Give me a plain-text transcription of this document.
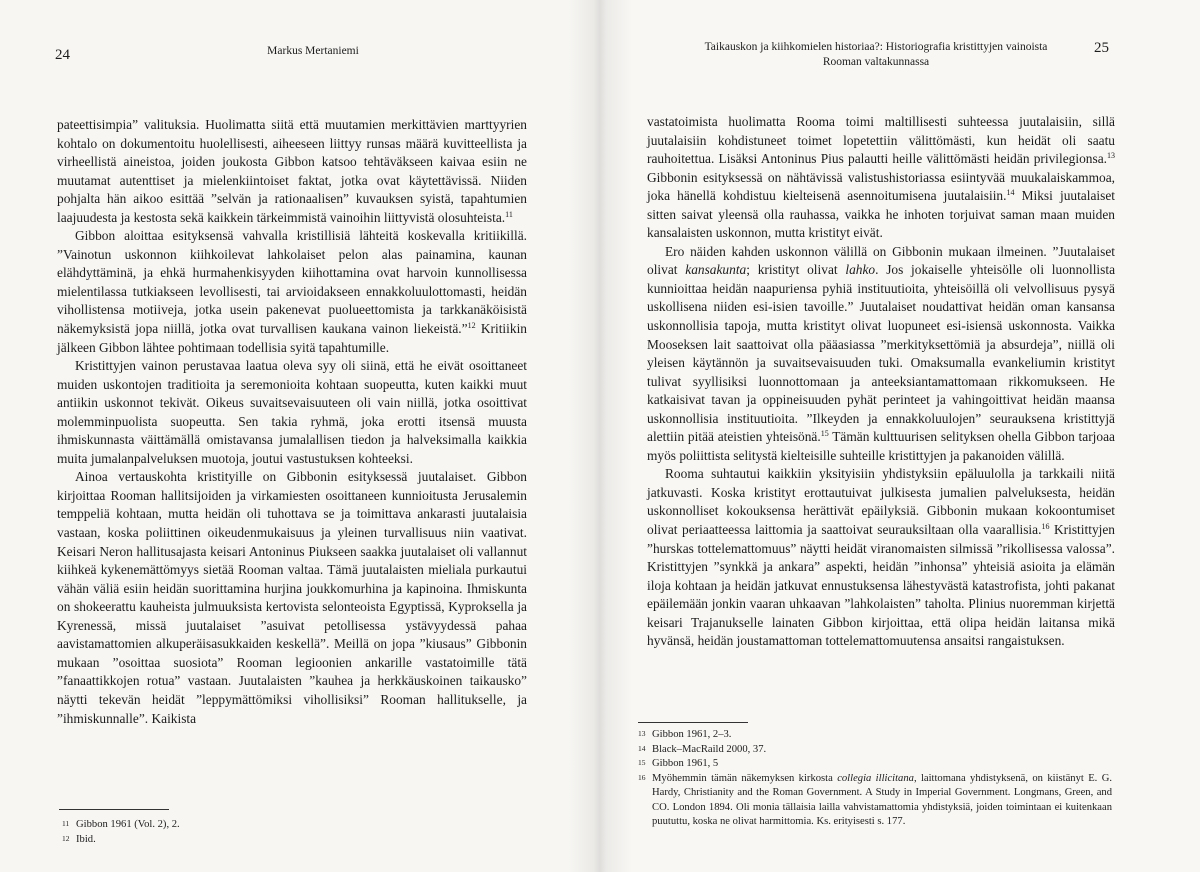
24	Markus Mertaniemi

pateettisimpia” valituksia. Huolimatta siitä että muutamien merkittävien marttyyrien kohtalo on dokumentoitu huolellisesti, aiheeseen liittyy runsas määrä kuvitteellista ja virheellistä aineistoa, joiden joukosta Gibbon katsoo tehtäväkseen kaivaa esiin ne muutamat autenttiset ja mielenkiintoiset faktat, jotka ovat käytettävissä. Niiden pohjalta hän aikoo esittää ”selvän ja rationaalisen” kuvauksen syistä, tapahtumien laajuudesta ja kestosta sekä kaikkein tärkeimmistä vainoihin liittyvistä olosuhteista.$^{11}$

Gibbon aloittaa esityksensä vahvalla kristillisiä lähteitä koskevalla kritiikillä. ”Vainotun uskonnon kiihkoilevat lahkolaiset pelon alas painamina, kaunan elähdyttäminä, ja ehkä hurmahenkisyyden kiihottamina ovat harvoin kunnollisessa mielentilassa tutkiakseen levollisesti, tai arvioidakseen ennakkoluulottomasti, heidän vihollistensa motiiveja, jotka usein pakenevat puolueettomista ja tarkkanäköisistä näkemyksistä jopa niillä, jotka ovat turvallisen kaukana vainon liekeistä.”$^{12}$ Kritiikin jälkeen Gibbon lähtee pohtimaan todellisia syitä tapahtumille.

Kristittyjen vainon perustavaa laatua oleva syy oli siinä, että he eivät osoittaneet muiden uskontojen traditioita ja seremonioita kohtaan suopeutta, kuten kaikki muut antiikin uskonnot tekivät. Oikeus suvaitsevaisuuteen oli vain niillä, jotka osoittivat molemminpuolista suopeutta. Sen takia ryhmä, joka erotti itsensä muusta ihmiskunnasta väittämällä omistavansa jumalallisen tiedon ja halveksimalla kaikkia muita jumalanpalveluksen muotoja, joutui vastustuksen kohteeksi.

Ainoa vertauskohta kristityille on Gibbonin esityksessä juutalaiset. Gibbon kirjoittaa Rooman hallitsijoiden ja virkamiesten osoittaneen kunnioitusta Jerusalemin temppeliä kohtaan, mutta heidän oli tuhottava se ja toimittava ankarasti juutalaisia vastaan, koska poliittinen oikeudenmukaisuus ja yleinen turvallisuus niin vaativat. Keisari Neron hallitusajasta keisari Antoninus Piukseen saakka juutalaiset oli vallannut kiihkeä kykenemättömyys sietää Rooman valtaa. Tämä juutalaisten mieliala purkautui vähän väliä esiin heidän suorittamina hurjina joukkomurhina ja kapinoina. Ihmiskunta on shokeerattu kauheista julmuuksista kertovista selonteoista Egyptissä, Kyproksella ja Kyrenessä, missä juutalaiset ”asuivat petollisessa ystävyydessä pahaa aavistamattomien alkuperäisasukkaiden keskellä”. Meillä on jopa ”kiusaus” Gibbonin mukaan ”osoittaa suosiota” Rooman legioonien ankarille vastatoimille tätä ”fanaattikkojen rotua” vastaan. Juutalaisten ”kauhea ja herkkäuskoinen taikausko” näytti tekevän heidät ”leppymättömiksi vihollisiksi” Rooman hallitukselle, ja ”ihmiskunnalle”. Kaikista

11 Gibbon 1961 (Vol. 2), 2.

12 Ibid.

Taikauskon ja kiihkomielen historiaa?: Historiografia kristittyjen vainoista
Rooman valtakunnassa
25

vastatoimista huolimatta Rooma toimi maltillisesti suhteessa juutalaisiin, sillä juutalaisiin kohdistuneet toimet lopetettiin välittömästi, kun heidät oli saatu rauhoitettua. Lisäksi Antoninus Pius palautti heille välittömästi heidän privilegionsa.$^{13}$ Gibbonin esityksessä on nähtävissä valistushistoriassa esiintyvää muukalaiskammoa, joka hänellä kohdistuu kielteisenä asennoitumisena juutalaisiin.$^{14}$ Miksi juutalaiset sitten saivat yleensä olla rauhassa, vaikka he inhoten torjuivat saman maan muiden kansalaisten uskonnon, mutta kristityt eivät.

Ero näiden kahden uskonnon välillä on Gibbonin mukaan ilmeinen. ”Juutalaiset olivat kansakunta; kristityt olivat lahko. Jos jokaiselle yhteisölle oli luonnollista kunnioittaa heidän naapuriensa pyhiä instituutioita, yhteisöillä oli velvollisuus pysyä uskollisena niiden esi-isien tavoille.” Juutalaiset noudattivat heidän oman kansansa uskonnollisia tapoja, mutta kristityt olivat luopuneet esi-isiensä uskonnosta. Vaikka Mooseksen lait saattoivat olla pääasiassa ”merkityksettömiä ja absurdeja”, niillä oli yleisen käytännön ja suvaitsevaisuuden tuki. Omaksumalla evankeliumin kristityt tulivat syyllisiksi luonnottomaan ja anteeksiantamattomaan rikkomukseen. He katkaisivat tavan ja oppineisuuden pyhät perinteet ja vahingoittivat heidän maansa uskonnollisia instituutioita. ”Ilkeyden ja ennakkoluulojen” seurauksena kristittyjä alettiin pitää ateistien yhteisönä.$^{15}$ Tämän kulttuurisen selityksen ohella Gibbon tarjoaa myös poliittista selitystä kielteisille suhteille kristittyjen ja pakanoiden välillä.

Rooma suhtautui kaikkiin yksityisiin yhdistyksiin epäluulolla ja tarkkaili niitä jatkuvasti. Koska kristityt erottautuivat julkisesta jumalien palveluksesta, heidän uskonnolliset kokouksensa herättivät epäilyksiä. Gibbonin mukaan kokoontumiset olivat periaatteessa laittomia ja saattoivat seurauksiltaan olla vaarallisia.$^{16}$ Kristittyjen ”hurskas tottelemattomuus” näytti heidät viranomaisten silmissä ”rikollisessa valossa”. Kristittyjen ”synkkä ja ankara” aspekti, heidän ”inhonsa” yhteisiä asioita ja elämän iloja kohtaan ja heidän jatkuvat ennustuksensa lähestyvästä katastrofista, johti pakanat epäilemään jonkin vaaran uhkaavan ”lahkolaisten” taholta. Plinius nuoremman kirjettä keisari Trajanukselle lainaten Gibbon kirjoittaa, että olipa heidän laitansa mikä hyvänsä, heidän joustamattoman tottelemattomuutensa ansaitsi rangaistuksen.

13 Gibbon 1961, 2–3.

14 Black–MacRaild 2000, 37.

15 Gibbon 1961, 5

16 Myöhemmin tämän näkemyksen kirkosta collegia illicitana, laittomana yhdistyksenä, on kiistänyt E. G. Hardy, Christianity and the Roman Government. A Study in Imperial Government. Longmans, Green, and CO. London 1894. Oli monia tällaisia lailla vahvistamattomia yhdistyksiä, joiden toimintaan ei kuitenkaan puututtu, koska ne olivat harmittomia. Ks. erityisesti s. 177.
